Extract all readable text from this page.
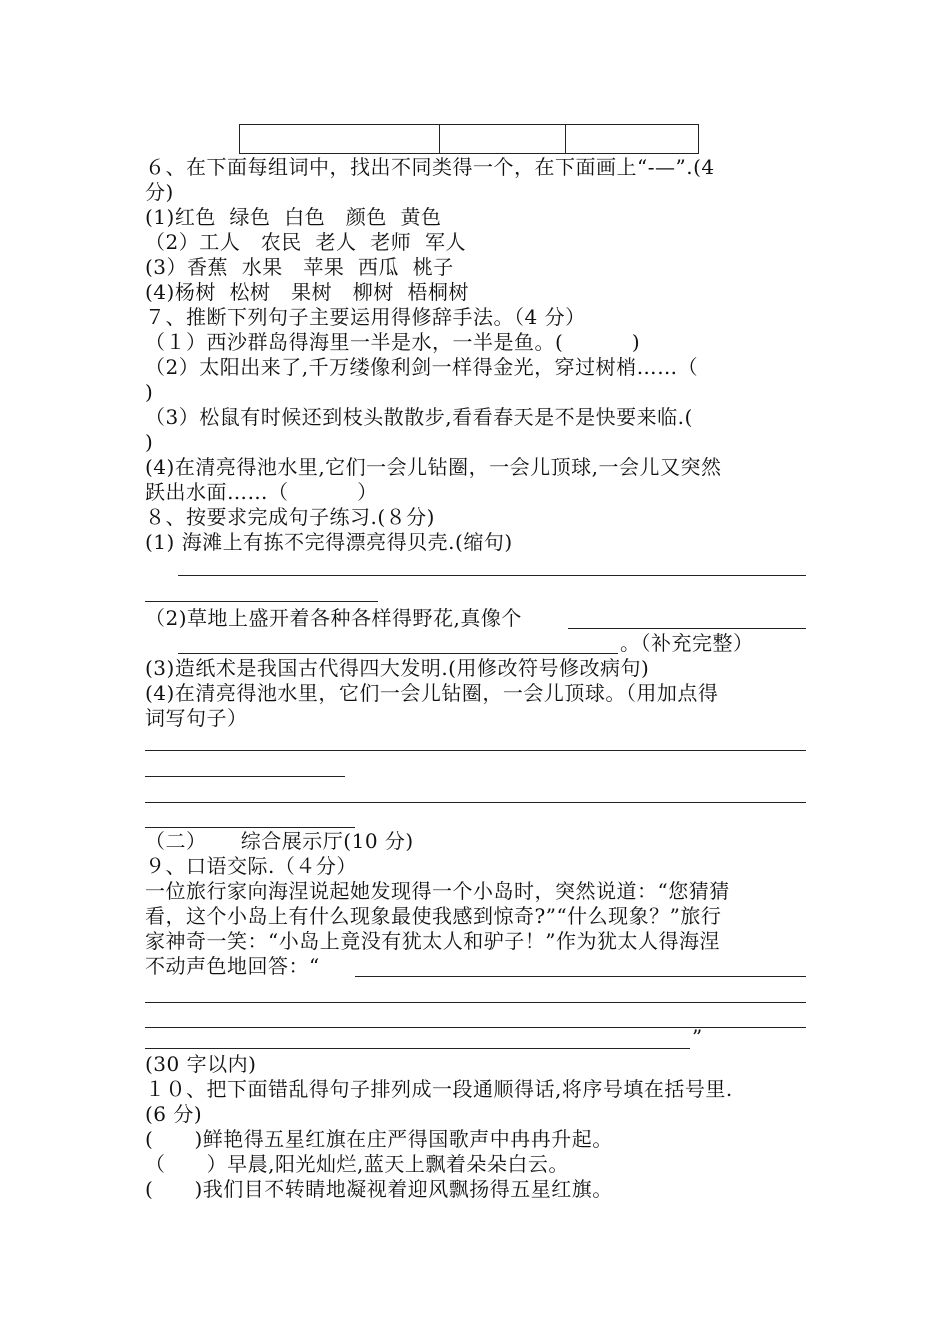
６、在下面每组词中，找出不同类得一个，在下面画上“-—”.(4
分)
(1)红色  绿色  白色   颜色  黄色
（2）工人   农民  老人  老师  军人
(3）香蕉  水果   苹果  西瓜  桃子
(4)杨树  松树   果树   柳树  梧桐树
７、推断下列句子主要运用得修辞手法。（4 分）
（１）西沙群岛得海里一半是水，一半是鱼。(          )
（2）太阳出来了,千万缕像利剑一样得金光，穿过树梢……（
)
（3）松鼠有时候还到枝头散散步,看看春天是不是快要来临.(
)
(4)在清亮得池水里,它们一会儿钻圈，一会儿顶球,一会儿又突然
跃出水面……（          ）
８、按要求完成句子练习.(８分)
(1) 海滩上有拣不完得漂亮得贝壳.(缩句)
（2)草地上盛开着各种各样得野花,真像个
。（补充完整）
(3)造纸术是我国古代得四大发明.(用修改符号修改病句)
(4)在清亮得池水里，它们一会儿钻圈，一会儿顶球。（用加点得
词写句子）
（二）     综合展示厅(10 分)
９、口语交际.（４分）
一位旅行家向海涅说起她发现得一个小岛时，突然说道：“您猜猜
看，这个小岛上有什么现象最使我感到惊奇?”“什么现象？”旅行
家神奇一笑：“小岛上竟没有犹太人和驴子！”作为犹太人得海涅
不动声色地回答：“
”
(30 字以内)
１０、把下面错乱得句子排列成一段通顺得话,将序号填在括号里.
(6 分)
(      )鲜艳得五星红旗在庄严得国歌声中冉冉升起。
（      ）早晨,阳光灿烂,蓝天上飘着朵朵白云。
(      )我们目不转睛地凝视着迎风飘扬得五星红旗。
